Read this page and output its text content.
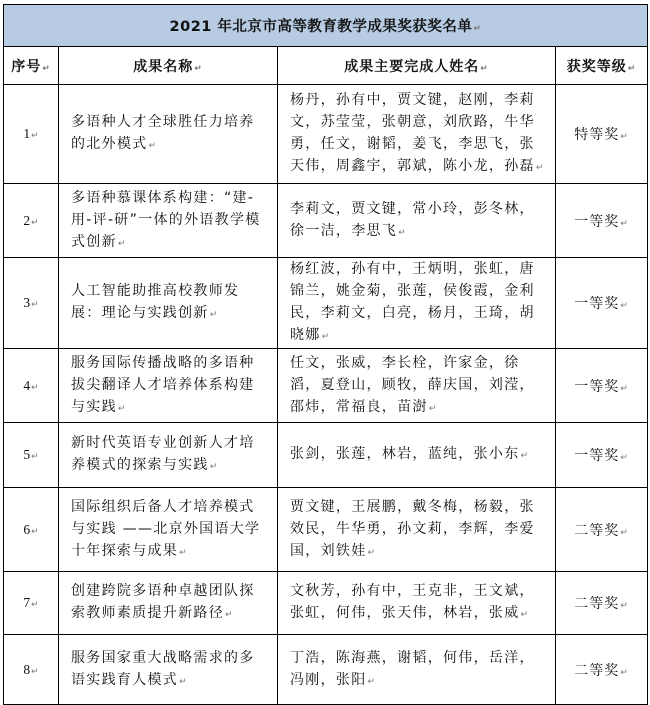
2021 年北京市高等教育教学成果奖获奖名单↵			
序号↵	成果名称↵	成果主要完成人姓名↵	获奖等级↵
1↵	多语种人才全球胜任力培养的北外模式↵	杨丹，孙有中，贾文键，赵刚，李莉文，苏莹莹，张朝意，刘欣路，牛华勇，任文，谢韬，姜飞，李思飞，张天伟，周鑫宇，郭斌，陈小龙，孙磊↵	特等奖↵
2↵	多语种慕课体系构建：“建-用-评-研”一体的外语教学模式创新↵	李莉文，贾文键，常小玲，彭冬林，徐一洁，李思飞↵	一等奖↵
3↵	人工智能助推高校教师发展：理论与实践创新↵	杨红波，孙有中，王炳明，张虹，唐锦兰，姚金菊，张莲，侯俊霞，金利民，李莉文，白亮，杨月，王琦，胡晓娜↵	一等奖↵
4↵	服务国际传播战略的多语种拔尖翻译人才培养体系构建与实践↵	任文，张威，李长栓，许家金，徐滔，夏登山，顾牧，薛庆国，刘滢，邵炜，常福良，苗澍↵	一等奖↵
5↵	新时代英语专业创新人才培养模式的探索与实践↵	张剑，张莲，林岩，蓝纯，张小东↵	一等奖↵
6↵	国际组织后备人才培养模式与实践 ——北京外国语大学十年探索与成果↵	贾文键，王展鹏，戴冬梅，杨毅，张效民，牛华勇，孙文莉，李辉，李爱国，刘铁娃↵	二等奖↵
7↵	创建跨院多语种卓越团队探索教师素质提升新路径↵	文秋芳，孙有中，王克非，王文斌，张虹，何伟，张天伟，林岩，张威↵	二等奖↵
8↵	服务国家重大战略需求的多语实践育人模式↵	丁浩，陈海燕，谢韬，何伟，岳洋，冯刚，张阳↵	二等奖↵
